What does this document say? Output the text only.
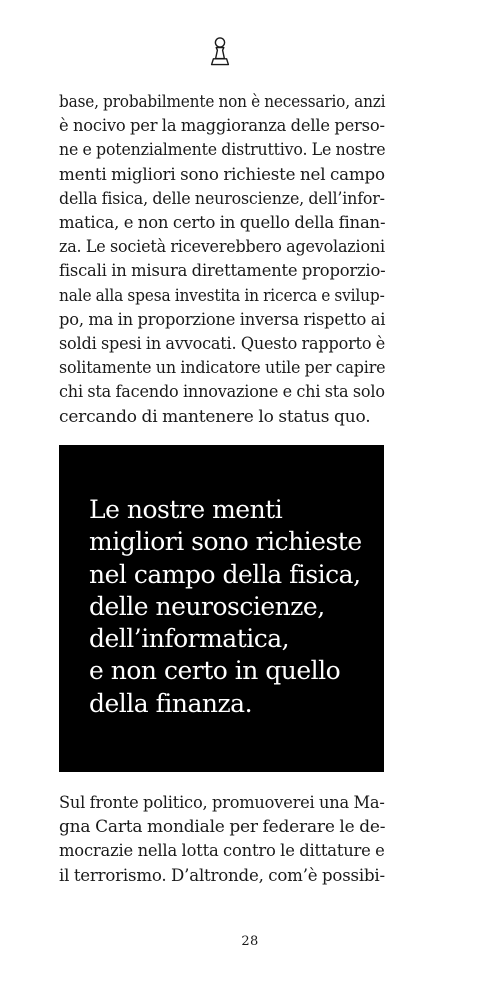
base, probabilmente non è necessario, anzi
è nocivo per la maggioranza delle perso-
ne e potenzialmente distruttivo. Le nostre
menti migliori sono richieste nel campo
della fisica, delle neuroscienze, dell’infor-
matica, e non certo in quello della finan-
za. Le società riceverebbero agevolazioni
fiscali in misura direttamente proporzio-
nale alla spesa investita in ricerca e svilup-
po, ma in proporzione inversa rispetto ai
soldi spesi in avvocati. Questo rapporto è
solitamente un indicatore utile per capire
chi sta facendo innovazione e chi sta solo
cercando di mantenere lo status quo.

Le nostre menti
migliori sono richieste
nel campo della fisica,
delle neuroscienze,
dell’informatica,
e non certo in quello
della finanza.

Sul fronte politico, promuoverei una Ma-
gna Carta mondiale per federare le de-
mocrazie nella lotta contro le dittature e
il terrorismo. D’altronde, com’è possibi-

28
